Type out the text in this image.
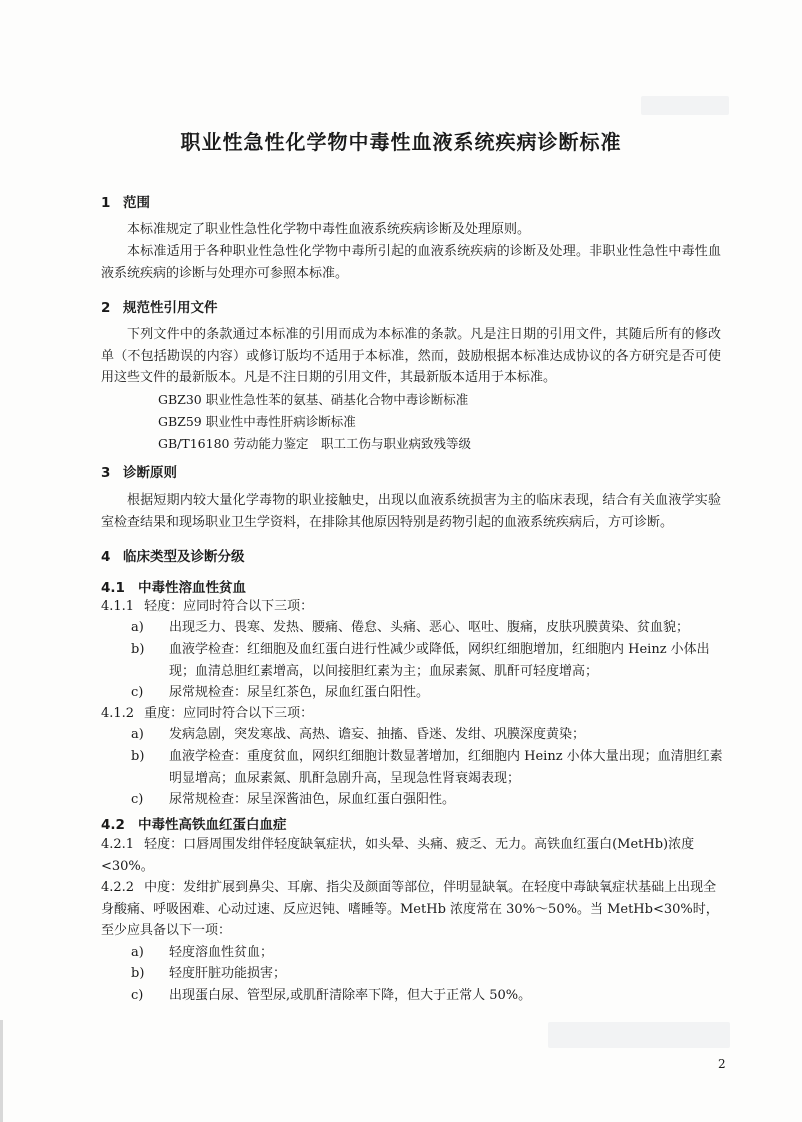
职业性急性化学物中毒性血液系统疾病诊断标准
1 范围
本标准规定了职业性急性化学物中毒性血液系统疾病诊断及处理原则。
本标准适用于各种职业性急性化学物中毒所引起的血液系统疾病的诊断及处理。非职业性急性中毒性血液系统疾病的诊断与处理亦可参照本标准。
2 规范性引用文件
下列文件中的条款通过本标准的引用而成为本标准的条款。凡是注日期的引用文件，其随后所有的修改单（不包括勘误的内容）或修订版均不适用于本标准，然而，鼓励根据本标准达成协议的各方研究是否可使用这些文件的最新版本。凡是不注日期的引用文件，其最新版本适用于本标准。
GBZ30 职业性急性苯的氨基、硝基化合物中毒诊断标准
GBZ59 职业性中毒性肝病诊断标准
GB/T16180 劳动能力鉴定　职工工伤与职业病致残等级
3 诊断原则
根据短期内较大量化学毒物的职业接触史，出现以血液系统损害为主的临床表现，结合有关血液学实验室检查结果和现场职业卫生学资料，在排除其他原因特别是药物引起的血液系统疾病后，方可诊断。
4 临床类型及诊断分级
4.1 中毒性溶血性贫血
4.1.1 轻度：应同时符合以下三项：
a) 出现乏力、畏寒、发热、腰痛、倦怠、头痛、恶心、呕吐、腹痛，皮肤巩膜黄染、贫血貌；
b) 血液学检查：红细胞及血红蛋白进行性减少或降低，网织红细胞增加，红细胞内 Heinz 小体出现；血清总胆红素增高，以间接胆红素为主；血尿素氮、肌酐可轻度增高；
c) 尿常规检查：尿呈红茶色，尿血红蛋白阳性。
4.1.2 重度：应同时符合以下三项：
a) 发病急剧，突发寒战、高热、谵妄、抽搐、昏迷、发绀、巩膜深度黄染；
b) 血液学检查：重度贫血，网织红细胞计数显著增加，红细胞内 Heinz 小体大量出现；血清胆红素明显增高；血尿素氮、肌酐急剧升高，呈现急性肾衰竭表现；
c) 尿常规检查：尿呈深酱油色，尿血红蛋白强阳性。
4.2 中毒性高铁血红蛋白血症
4.2.1 轻度：口唇周围发绀伴轻度缺氧症状，如头晕、头痛、疲乏、无力。高铁血红蛋白(MetHb)浓度<30%。
4.2.2 中度：发绀扩展到鼻尖、耳廓、指尖及颜面等部位，伴明显缺氧。在轻度中毒缺氧症状基础上出现全身酸痛、呼吸困难、心动过速、反应迟钝、嗜睡等。MetHb 浓度常在 30%～50%。当 MetHb<30%时，至少应具备以下一项：
a) 轻度溶血性贫血；
b) 轻度肝脏功能损害；
c) 出现蛋白尿、管型尿,或肌酐清除率下降，但大于正常人 50%。
2
